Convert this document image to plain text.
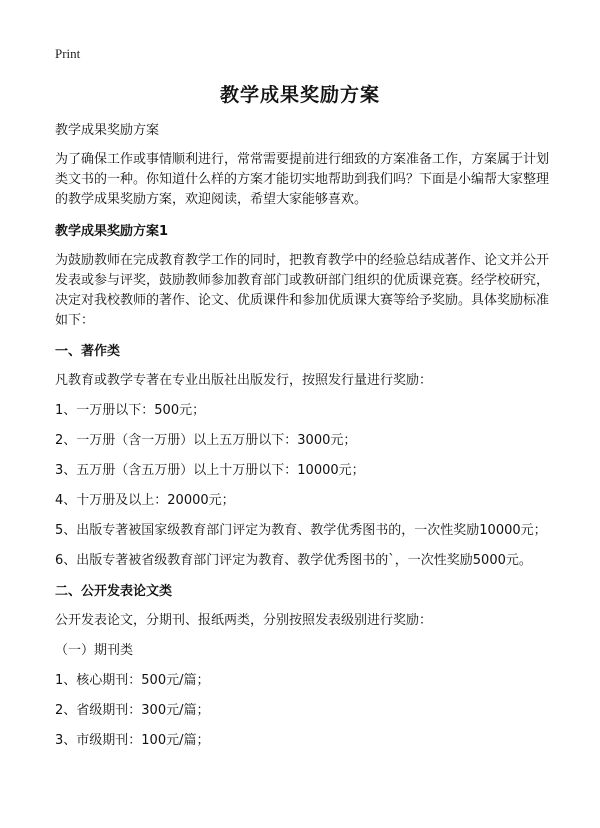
Print
教学成果奖励方案

教学成果奖励方案

为了确保工作或事情顺利进行，常常需要提前进行细致的方案准备工作，方案属于计划类文书的一种。你知道什么样的方案才能切实地帮助到我们吗？下面是小编帮大家整理的教学成果奖励方案，欢迎阅读，希望大家能够喜欢。

教学成果奖励方案1

为鼓励教师在完成教育教学工作的同时，把教育教学中的经验总结成著作、论文并公开发表或参与评奖，鼓励教师参加教育部门或教研部门组织的优质课竞赛。经学校研究，决定对我校教师的著作、论文、优质课件和参加优质课大赛等给予奖励。具体奖励标准如下：

一、著作类

凡教育或教学专著在专业出版社出版发行，按照发行量进行奖励：

1、一万册以下：500元；

2、一万册（含一万册）以上五万册以下：3000元；

3、五万册（含五万册）以上十万册以下：10000元；

4、十万册及以上：20000元；

5、出版专著被国家级教育部门评定为教育、教学优秀图书的，一次性奖励10000元；

6、出版专著被省级教育部门评定为教育、教学优秀图书的`，一次性奖励5000元。

二、公开发表论文类

公开发表论文，分期刊、报纸两类，分别按照发表级别进行奖励：

（一）期刊类

1、核心期刊：500元/篇；

2、省级期刊：300元/篇；

3、市级期刊：100元/篇；
